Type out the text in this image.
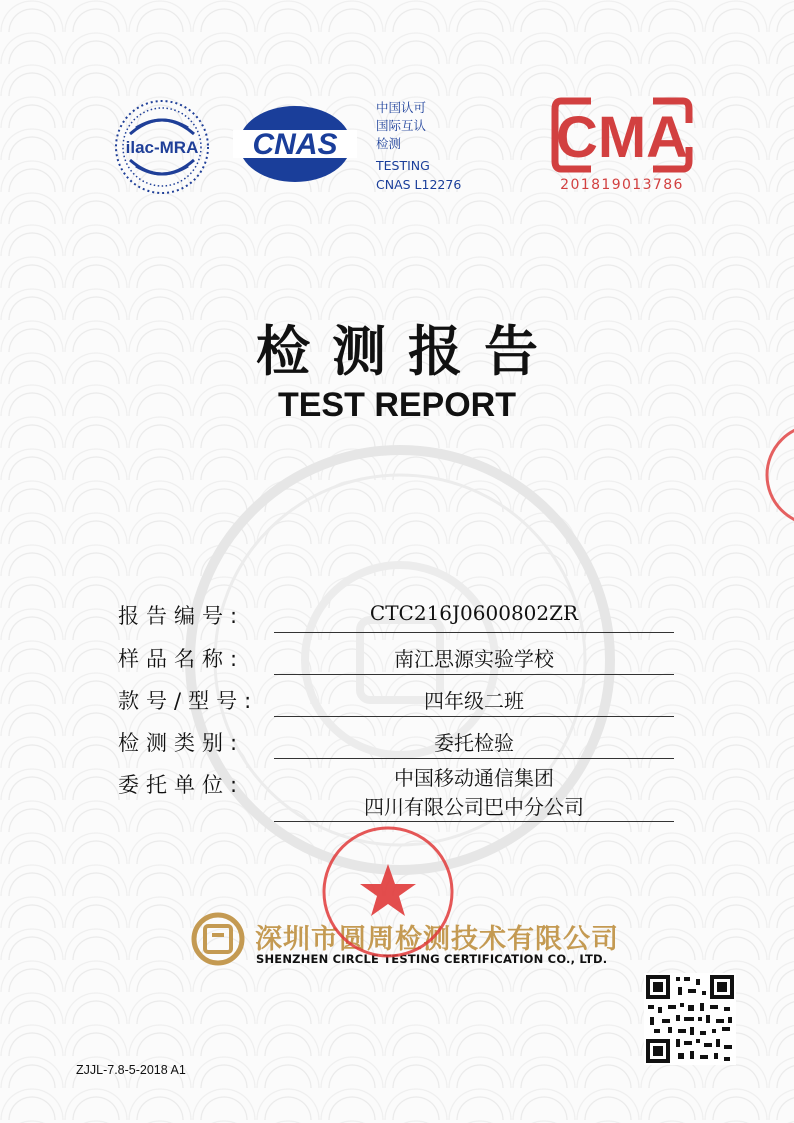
ilac-MRA CNAS
中国认可
国际互认
检测
TESTING
CNAS L12276
CMA
201819013786
检测报告
TEST REPORT
报告编号:	CTC216J0600802ZR
样品名称:	南江思源实验学校
款号/型号:	四年级二班
检测类别:	委托检验
委托单位:	中国移动通信集团
四川有限公司巴中分公司
深圳市圆周检测技术有限公司
SHENZHEN CIRCLE TESTING CERTIFICATION CO., LTD.
ZJJL-7.8-5-2018 A1
